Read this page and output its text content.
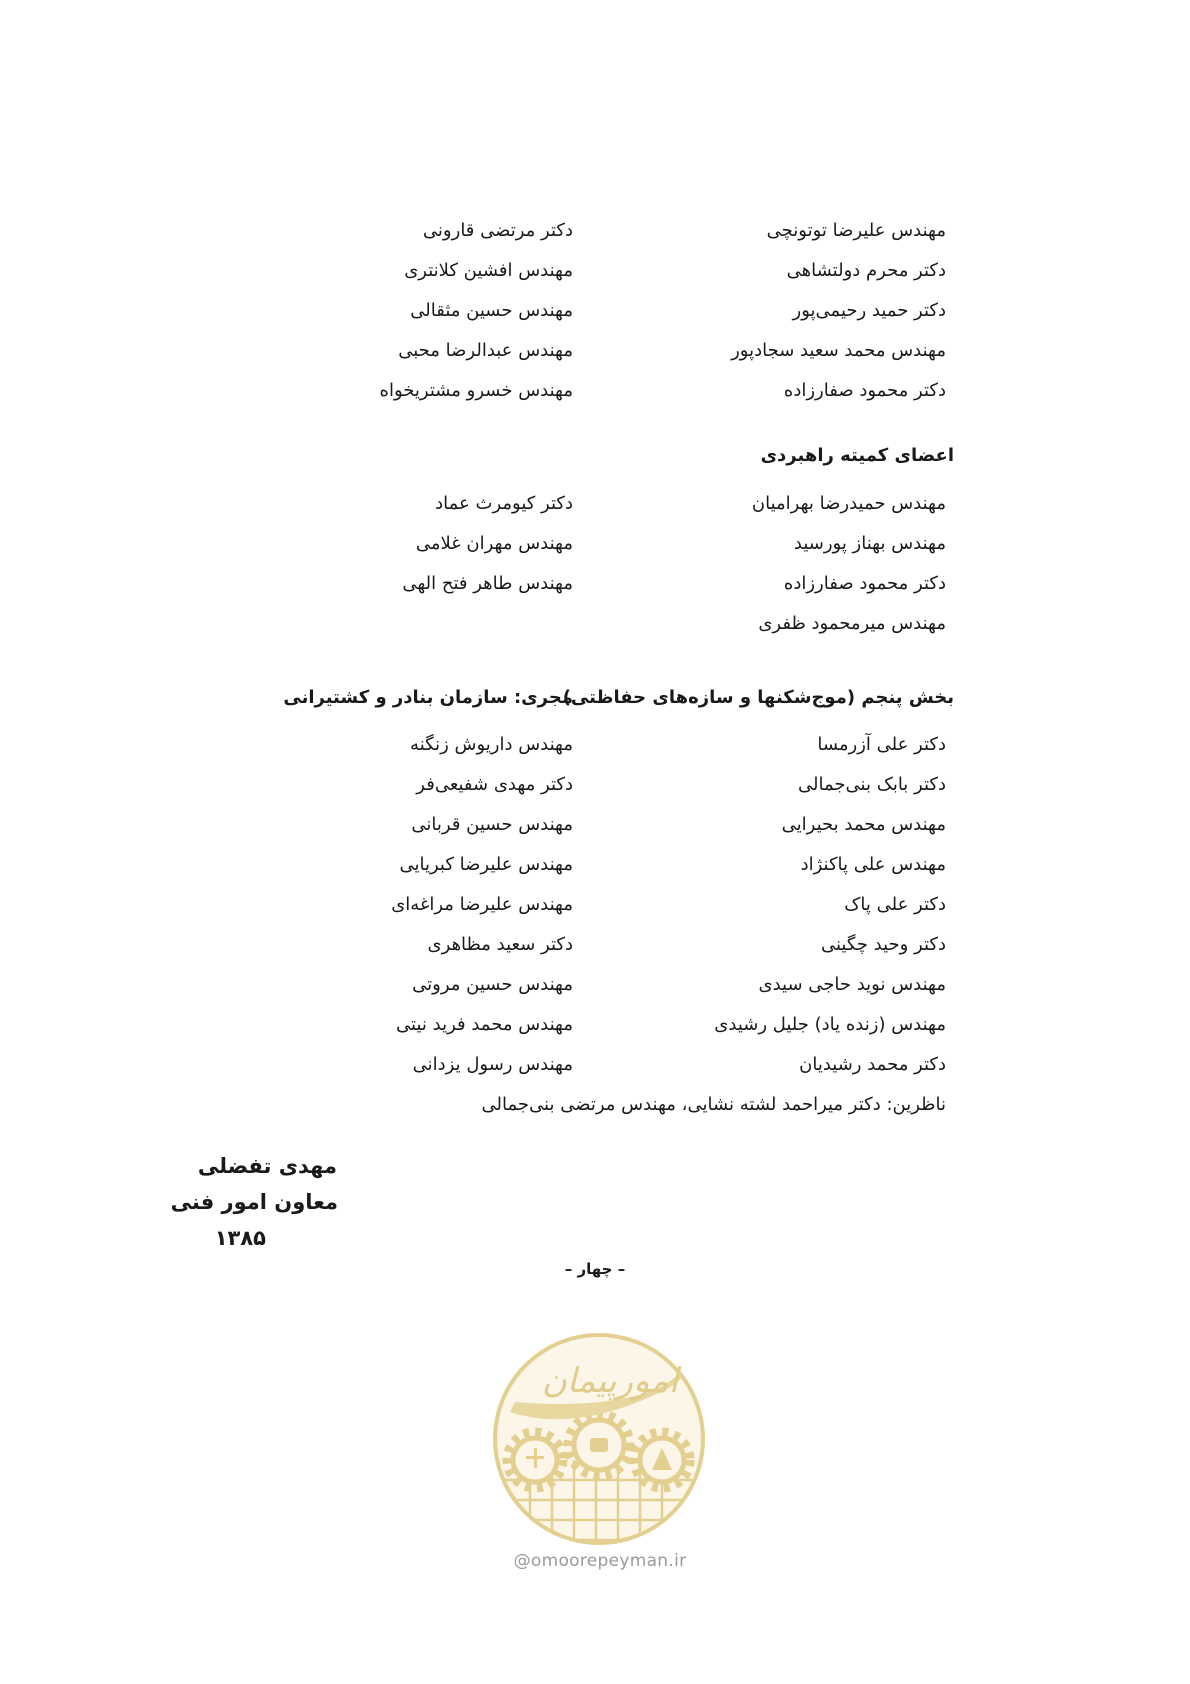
مهندس علیرضا توتونچی
دکتر محرم دولتشاهی
دکتر حمید رحیمی‌پور
مهندس محمد سعید سجادپور
دکتر محمود صفارزاده
دکتر مرتضی قارونی
مهندس افشین کلانتری
مهندس حسین مثقالی
مهندس عبدالرضا محبی
مهندس خسرو مشتریخواه
اعضای کمیته راهبردی
مهندس حمیدرضا بهرامیان
مهندس بهناز پورسید
دکتر محمود صفارزاده
مهندس میرمحمود ظفری
دکتر کیومرث عماد
مهندس مهران غلامی
مهندس طاهر فتح الهی
بخش پنجم (موج‌شکنها و سازه‌های حفاظتی)
مجری: سازمان بنادر و کشتیرانی
دکتر علی آزرمسا
دکتر بابک بنی‌جمالی
مهندس محمد بحیرایی
مهندس علی پاکنژاد
دکتر علی پاک
دکتر وحید چگینی
مهندس نوید حاجی سیدی
مهندس (زنده یاد) جلیل رشیدی
دکتر محمد رشیدیان
مهندس داریوش زنگنه
دکتر مهدی شفیعی‌فر
مهندس حسین قربانی
مهندس علیرضا کبریایی
مهندس علیرضا مراغه‌ای
دکتر سعید مظاهری
مهندس حسین مروتی
مهندس محمد فرید نیتی
مهندس رسول یزدانی
ناظرین: دکتر میراحمد لشته نشایی، مهندس مرتضی بنی‌جمالی
مهدی تفضلی
معاون امور فنی
۱۳۸۵
– چهار –
امورپیمان
@omoorepeyman.ir
